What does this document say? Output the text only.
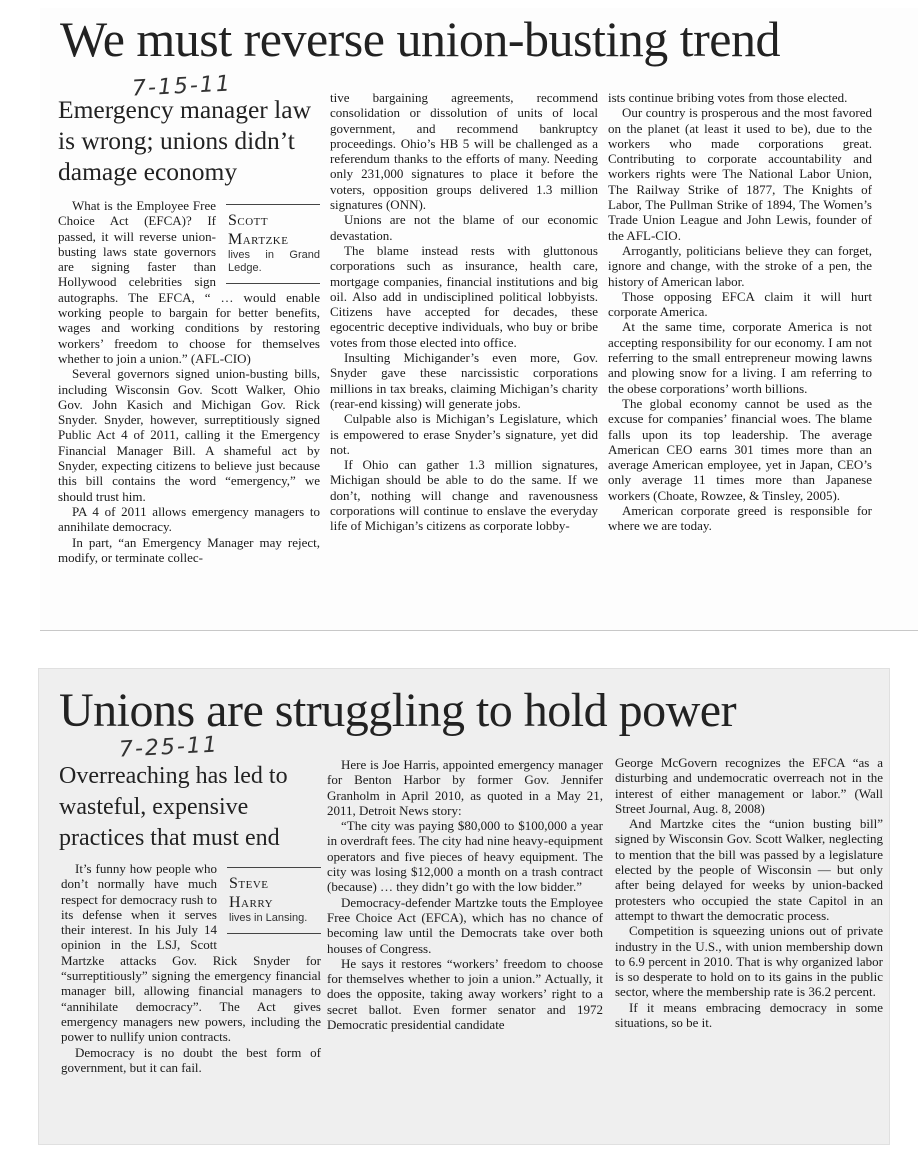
We must reverse union-busting trend
7-15-11
Emergency manager law is wrong; unions didn’t damage economy
Scott
Martzke
lives in Grand Ledge.

What is the Employee Free Choice Act (EFCA)? If passed, it will reverse union-busting laws state governors are signing faster than Hollywood celebrities sign autographs. The EFCA, “ … would enable working people to bargain for better benefits, wages and working conditions by restoring workers’ freedom to choose for themselves whether to join a union.” (AFL-CIO)

Several governors signed union-busting bills, including Wisconsin Gov. Scott Walker, Ohio Gov. John Kasich and Michigan Gov. Rick Snyder. Snyder, however, surreptitiously signed Public Act 4 of 2011, calling it the Emergency Financial Manager Bill. A shameful act by Snyder, expecting citizens to believe just because this bill contains the word “emergency,” we should trust him.

PA 4 of 2011 allows emergency managers to annihilate democracy.

In part, “an Emergency Manager may reject, modify, or terminate collec-

tive bargaining agreements, recommend consolidation or dissolution of units of local government, and recommend bankruptcy proceedings. Ohio’s HB 5 will be challenged as a referendum thanks to the efforts of many. Needing only 231,000 signatures to place it before the voters, opposition groups delivered 1.3 million signatures (ONN).

Unions are not the blame of our economic devastation.

The blame instead rests with gluttonous corporations such as insurance, health care, mortgage companies, financial institutions and big oil. Also add in undisciplined political lobbyists. Citizens have accepted for decades, these egocentric deceptive individuals, who buy or bribe votes from those elected into office.

Insulting Michigander’s even more, Gov. Snyder gave these narcissistic corporations millions in tax breaks, claiming Michigan’s charity (rear-end kissing) will generate jobs.

Culpable also is Michigan’s Legislature, which is empowered to erase Snyder’s signature, yet did not.

If Ohio can gather 1.3 million signatures, Michigan should be able to do the same. If we don’t, nothing will change and ravenousness corporations will continue to enslave the everyday life of Michigan’s citizens as corporate lobby-

ists continue bribing votes from those elected.

Our country is prosperous and the most favored on the planet (at least it used to be), due to the workers who made corporations great. Contributing to corporate accountability and workers rights were The National Labor Union, The Railway Strike of 1877, The Knights of Labor, The Pullman Strike of 1894, The Women’s Trade Union League and John Lewis, founder of the AFL-CIO.

Arrogantly, politicians believe they can forget, ignore and change, with the stroke of a pen, the history of American labor.

Those opposing EFCA claim it will hurt corporate America.

At the same time, corporate America is not accepting responsibility for our economy. I am not referring to the small entrepreneur mowing lawns and plowing snow for a living. I am referring to the obese corporations’ worth billions.

The global economy cannot be used as the excuse for companies’ financial woes. The blame falls upon its top leadership. The average American CEO earns 301 times more than an average American employee, yet in Japan, CEO’s only average 11 times more than Japanese workers (Choate, Rowzee, & Tinsley, 2005).

American corporate greed is responsible for where we are today.

Unions are struggling to hold power
7-25-11
Overreaching has led to wasteful, expensive practices that must end
Steve
Harry
lives in Lansing.

It’s funny how people who don’t normally have much respect for democracy rush to its defense when it serves their interest. In his July 14 opinion in the LSJ, Scott Martzke attacks Gov. Rick Snyder for “surreptitiously” signing the emergency financial manager bill, allowing financial managers to “annihilate democracy”. The Act gives emergency managers new powers, including the power to nullify union contracts.

Democracy is no doubt the best form of government, but it can fail.

Here is Joe Harris, appointed emergency manager for Benton Harbor by former Gov. Jennifer Granholm in April 2010, as quoted in a May 21, 2011, Detroit News story:

“The city was paying $80,000 to $100,000 a year in overdraft fees. The city had nine heavy-equipment operators and five pieces of heavy equipment. The city was losing $12,000 a month on a trash contract (because) … they didn’t go with the low bidder.”

Democracy-defender Martzke touts the Employee Free Choice Act (EFCA), which has no chance of becoming law until the Democrats take over both houses of Congress.

He says it restores “workers’ freedom to choose for themselves whether to join a union.” Actually, it does the opposite, taking away workers’ right to a secret ballot. Even former senator and 1972 Democratic presidential candidate

George McGovern recognizes the EFCA “as a disturbing and undemocratic overreach not in the interest of either management or labor.” (Wall Street Journal, Aug. 8, 2008)

And Martzke cites the “union busting bill” signed by Wisconsin Gov. Scott Walker, neglecting to mention that the bill was passed by a legislature elected by the people of Wisconsin — but only after being delayed for weeks by union-backed protesters who occupied the state Capitol in an attempt to thwart the democratic process.

Competition is squeezing unions out of private industry in the U.S., with union membership down to 6.9 percent in 2010. That is why organized labor is so desperate to hold on to its gains in the public sector, where the membership rate is 36.2 percent.

If it means embracing democracy in some situations, so be it.
